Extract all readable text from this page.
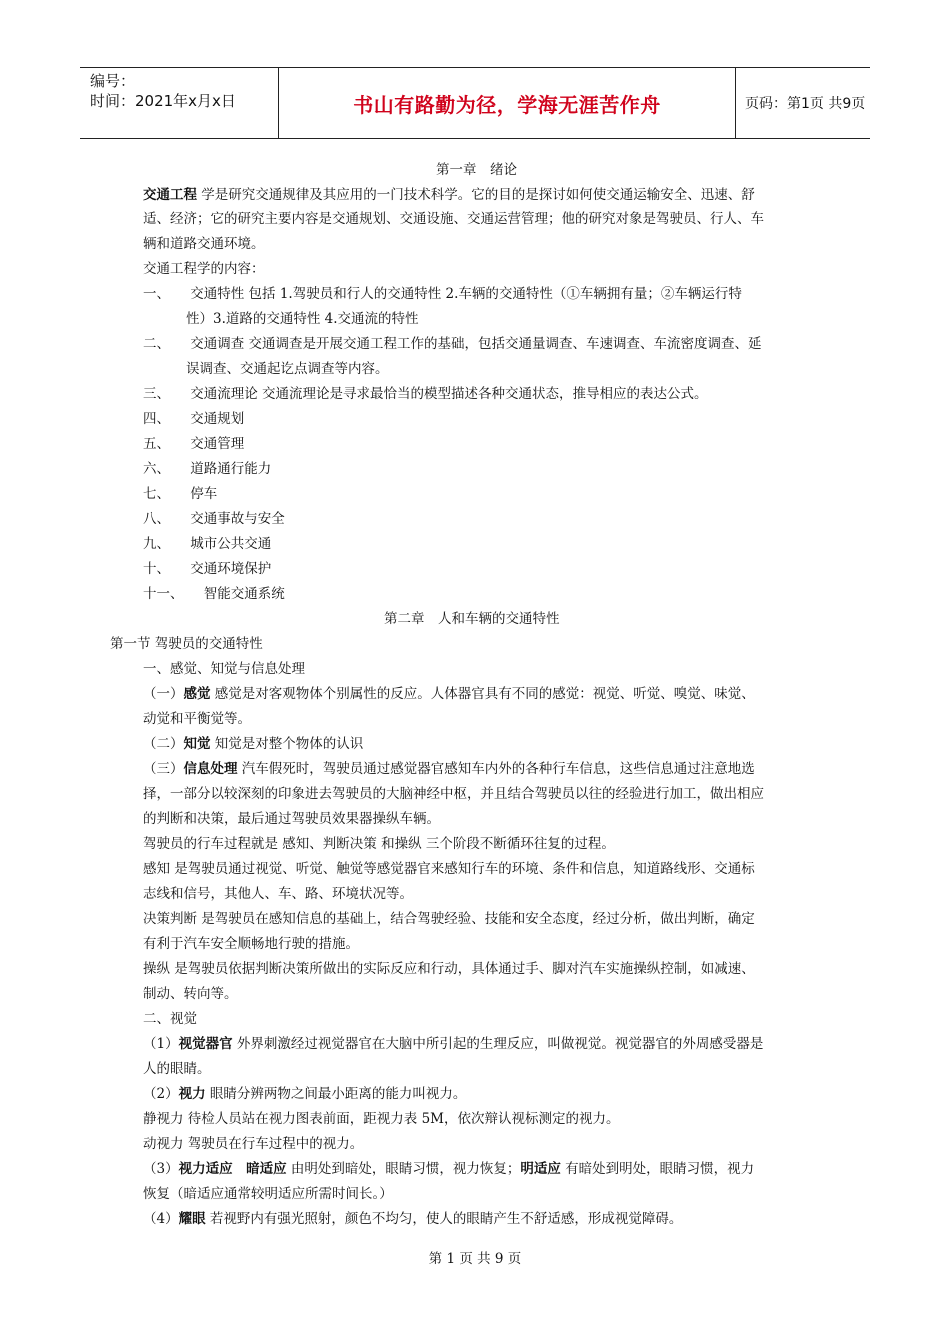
编号：
时间：2021年x月x日	书山有路勤为径，学海无涯苦作舟	页码：第1页 共9页
第一章　绪论
交通工程 学是研究交通规律及其应用的一门技术科学。它的目的是探讨如何使交通运输安全、迅速、舒
适、经济；它的研究主要内容是交通规划、交通设施、交通运营管理；他的研究对象是驾驶员、行人、车
辆和道路交通环境。
交通工程学的内容：
一、　　交通特性 包括 1.驾驶员和行人的交通特性 2.车辆的交通特性（①车辆拥有量；②车辆运行特
性）3.道路的交通特性 4.交通流的特性
二、　　交通调查 交通调查是开展交通工程工作的基础，包括交通量调查、车速调查、车流密度调查、延
误调查、交通起讫点调查等内容。
三、　　交通流理论 交通流理论是寻求最恰当的模型描述各种交通状态，推导相应的表达公式。
四、　　交通规划
五、　　交通管理
六、　　道路通行能力
七、　　停车
八、　　交通事故与安全
九、　　城市公共交通
十、　　交通环境保护
十一、　　智能交通系统
第二章　人和车辆的交通特性
第一节 驾驶员的交通特性
一、感觉、知觉与信息处理
（一）感觉 感觉是对客观物体个别属性的反应。人体器官具有不同的感觉：视觉、听觉、嗅觉、味觉、
动觉和平衡觉等。
（二）知觉 知觉是对整个物体的认识
（三）信息处理 汽车假死时，驾驶员通过感觉器官感知车内外的各种行车信息，这些信息通过注意地选
择，一部分以较深刻的印象进去驾驶员的大脑神经中枢，并且结合驾驶员以往的经验进行加工，做出相应
的判断和决策，最后通过驾驶员效果器操纵车辆。
驾驶员的行车过程就是 感知、判断决策 和操纵 三个阶段不断循环往复的过程。
感知 是驾驶员通过视觉、听觉、触觉等感觉器官来感知行车的环境、条件和信息，知道路线形、交通标
志线和信号，其他人、车、路、环境状况等。
决策判断 是驾驶员在感知信息的基础上，结合驾驶经验、技能和安全态度，经过分析，做出判断，确定
有利于汽车安全顺畅地行驶的措施。
操纵 是驾驶员依据判断决策所做出的实际反应和行动，具体通过手、脚对汽车实施操纵控制，如减速、
制动、转向等。
二、视觉
（1）视觉器官 外界刺激经过视觉器官在大脑中所引起的生理反应，叫做视觉。视觉器官的外周感受器是
人的眼睛。
（2）视力 眼睛分辨两物之间最小距离的能力叫视力。
静视力 待检人员站在视力图表前面，距视力表 5M，依次辩认视标测定的视力。
动视力 驾驶员在行车过程中的视力。
（3）视力适应　暗适应 由明处到暗处，眼睛习惯，视力恢复；明适应 有暗处到明处，眼睛习惯，视力
恢复（暗适应通常较明适应所需时间长。）
（4）耀眼 若视野内有强光照射，颜色不均匀，使人的眼睛产生不舒适感，形成视觉障碍。
第 1 页 共 9 页
